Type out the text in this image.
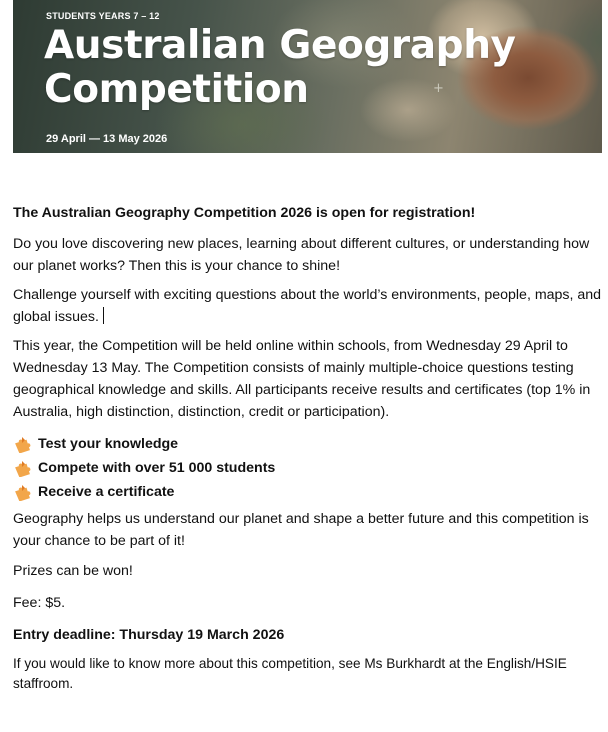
+
STUDENTS YEARS 7 – 12
Australian Geography
Competition
29 April — 13 May 2026

The Australian Geography Competition 2026 is open for registration!

Do you love discovering new places, learning about different cultures, or understanding how our planet works? Then this is your chance to shine!

Challenge yourself with exciting questions about the world’s environments, people, maps, and global issues.

This year, the Competition will be held online within schools, from Wednesday 29 April to Wednesday 13 May. The Competition consists of mainly multiple-choice questions testing geographical knowledge and skills. All participants receive results and certificates (top 1% in Australia, high distinction, distinction, credit or participation).

Test your knowledge
Compete with over 51 000 students
Receive a certificate

Geography helps us understand our planet and shape a better future and this competition is your chance to be part of it!

Prizes can be won!

Fee: $5.

Entry deadline: Thursday 19 March 2026

If you would like to know more about this competition, see Ms Burkhardt at the English/HSIE staffroom.
